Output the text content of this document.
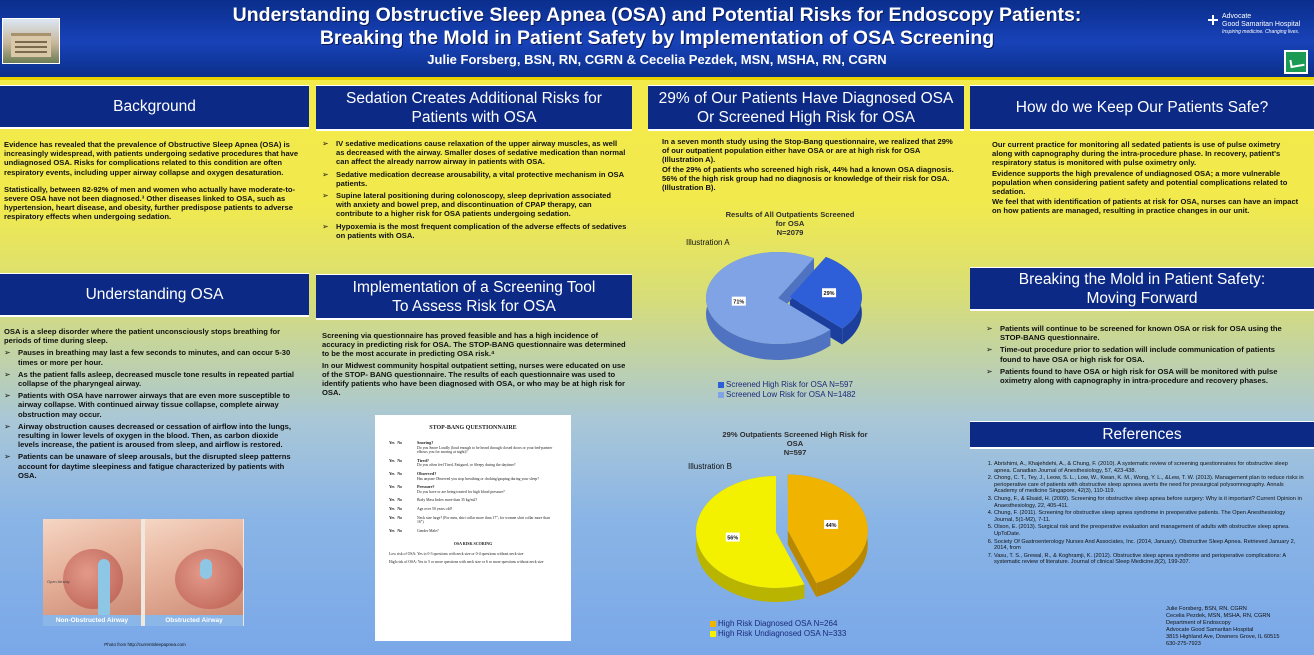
Understanding Obstructive Sleep Apnea (OSA) and Potential Risks for Endoscopy Patients:
Breaking the Mold in Patient Safety by Implementation of OSA Screening
Julie Forsberg, BSN, RN, CGRN & Cecelia Pezdek, MSN, MSHA, RN, CGRN
Advocate
Good Samaritan Hospital
Inspiring medicine. Changing lives.
Background

Evidence has revealed that the prevalence of Obstructive Sleep Apnea (OSA) is increasingly widespread, with patients undergoing sedative procedures that have undiagnosed OSA. Risks for complications related to this condition are often respiratory events, including upper airway collapse and oxygen desaturation.

Statistically, between 82-92% of men and women who actually have moderate-to-severe OSA have not been diagnosed.³ Other diseases linked to OSA, such as hypertension, heart disease, and obesity, further predispose patients to adverse respiratory effects when undergoing sedation.

Understanding OSA

OSA is a sleep disorder where the patient unconsciously stops breathing for periods of time during sleep.

➢ Pauses in breathing may last a few seconds to minutes, and can occur 5-30 times or more per hour.
➢ As the patient falls asleep, decreased muscle tone results in repeated partial collapse of the pharyngeal airway.
➢ Patients with OSA have narrower airways that are even more susceptible to airway collapse. With continued airway tissue collapse, complete airway obstruction may occur.
➢ Airway obstruction causes decreased or cessation of airflow into the lungs, resulting in lower levels of oxygen in the blood. Then, as carbon dioxide levels increase, the patient is aroused from sleep, and airflow is restored.
➢ Patients can be unaware of sleep arousals, but the disrupted sleep patterns account for daytime sleepiness and fatigue characterized by patients with OSA.
Open Airway
Non-Obstructed Airway	Obstructed Airway
Photo from http://currentsleepapnea.com
Sedation Creates Additional Risks for
Patients with OSA
➢ IV sedative medications cause relaxation of the upper airway muscles, as well as decreased with the airway. Smaller doses of sedative medication than normal can affect the already narrow airway in patients with OSA.
➢ Sedative medication decrease arousability, a vital protective mechanism in OSA patients.
➢ Supine lateral positioning during colonoscopy, sleep deprivation associated with anxiety and bowel prep, and discontinuation of CPAP therapy, can contribute to a higher risk for OSA patients undergoing sedation.
➢ Hypoxemia is the most frequent complication of the adverse effects of sedatives on patients with OSA.
Implementation of a Screening Tool
To Assess Risk for OSA

Screening via questionnaire has proved feasible and has a high incidence of accuracy in predicting risk for OSA. The STOP-BANG questionnaire was determined to be the most accurate in predicting OSA risk.⁴

In our Midwest community hospital outpatient setting, nurses were educated on use of the STOP- BANG questionnaire. The results of each questionnaire was used to identify patients who have been diagnosed with OSA, or who may be at high risk for OSA.

STOP-BANG QUESTIONNAIRE
Yes No	Snoring?
Do you Snore Loudly (loud enough to be heard through closed doors or your bed-partner elbows you for snoring at night)?
Yes No	Tired?
Do you often feel Tired, Fatigued, or Sleepy during the daytime?
Yes No	Observed?
Has anyone Observed you stop breathing or choking/gasping during your sleep?
Yes No	Pressure?
Do you have or are being treated for high blood pressure?
Yes No	Body Mass Index more than 35 kg/m2?
Yes No	Age over 50 years old?
Yes No	Neck size large? (For men, shirt collar more than 17"; for women shirt collar more than 16")
Yes No	Gender Male?
OSA RISK SCORING
Low risk of OSA: Yes to 0-3 questions with neck size or 0-4 questions without neck size
High risk of OSA: Yes to 5 or more questions with neck size or 6 or more questions without neck size
29% of Our Patients Have Diagnosed OSA
Or Screened High Risk for OSA

In a seven month study using the Stop-Bang questionnaire, we realized that 29% of our outpatient population either have OSA or are at high risk for OSA (Illustration A).

Of the 29% of patients who screened high risk, 44% had a known OSA diagnosis. 56% of the high risk group had no diagnosis or knowledge of their risk for OSA. (Illustration B).

Results of All Outpatients Screened for OSA
N=2079
Illustration A
29%
71%
Screened High Risk for OSA N=597
Screened Low Risk for OSA N=1482
29% Outpatients Screened High Risk for OSA
N=597
Illustration B
44%
56%
High Risk Diagnosed OSA N=264
High Risk Undiagnosed OSA N=333
How do we Keep Our Patients Safe?

Our current practice for monitoring all sedated patients is use of pulse oximetry along with capnography during the intra-procedure phase. In recovery, patient's respiratory status is monitored with pulse oximetry only.

Evidence supports the high prevalence of undiagnosed OSA; a more vulnerable population when considering patient safety and potential complications related to sedation.

We feel that with identification of patients at risk for OSA, nurses can have an impact on how patients are managed, resulting in practice changes in our unit.

Breaking the Mold in Patient Safety:
Moving Forward
➢ Patients will continue to be screened for known OSA or risk for OSA using the STOP-BANG questionnaire.
➢ Time-out procedure prior to sedation will include communication of patients found to have OSA or high risk for OSA.
➢ Patients found to have OSA or high risk for OSA will be monitored with pulse oximetry along with capnography in intra-procedure and recovery phases.
References
1. Abrishimi, A., Khajehdehi, A., & Chung, F. (2010). A systematic review of screening questionnaires for obstructive sleep apnea. Canadian Journal of Anesthesiology, 57, 423-438.
2. Chong, C. T., Tey, J., Leow, S. L., Low, W., Kwan, K. M., Wong, Y. L., &Lew, T. W. (2013). Management plan to reduce risks in perioperative care of patients with obstructive sleep apnoea averts the need for presurgical polysomnography. Annals Academy of medicine Singapore, 42(3), 110-119.
3. Chung, F., & Elsaid, H. (2009). Screening for obstructive sleep apnea before surgery: Why is it important? Current Opinion in Anaesthesiology, 22, 405-411.
4. Chung, F. (2011). Screening for obstructive sleep apnea syndrome in preoperative patients. The Open Anesthesiology Journal, 5(1-M2), 7-11.
5. Olson, E. (2013). Surgical risk and the preoperative evaluation and management of adults with obstructive sleep apnea. UpToDate.
6. Society Of Gastroenterology Nurses And Associates, Inc. (2014, January). Obstructive Sleep Apnea. Retrieved January 2, 2014, from
7. Vasu, T. S., Grewal, R., & Koghramji, K. (2012). Obstructive sleep apnea syndrome and perioperative complications: A systematic review of literature. Journal of clinical Sleep Medicine,8(2), 199-207.
Julie Forsberg, BSN, RN, CGRN
Cecelia Pezdek, MSN, MSHA, RN, CGRN
Department of Endoscopy
Advocate Good Samaritan Hospital
3815 Highland Ave, Downers Grove, IL 60515
630-275-7923
